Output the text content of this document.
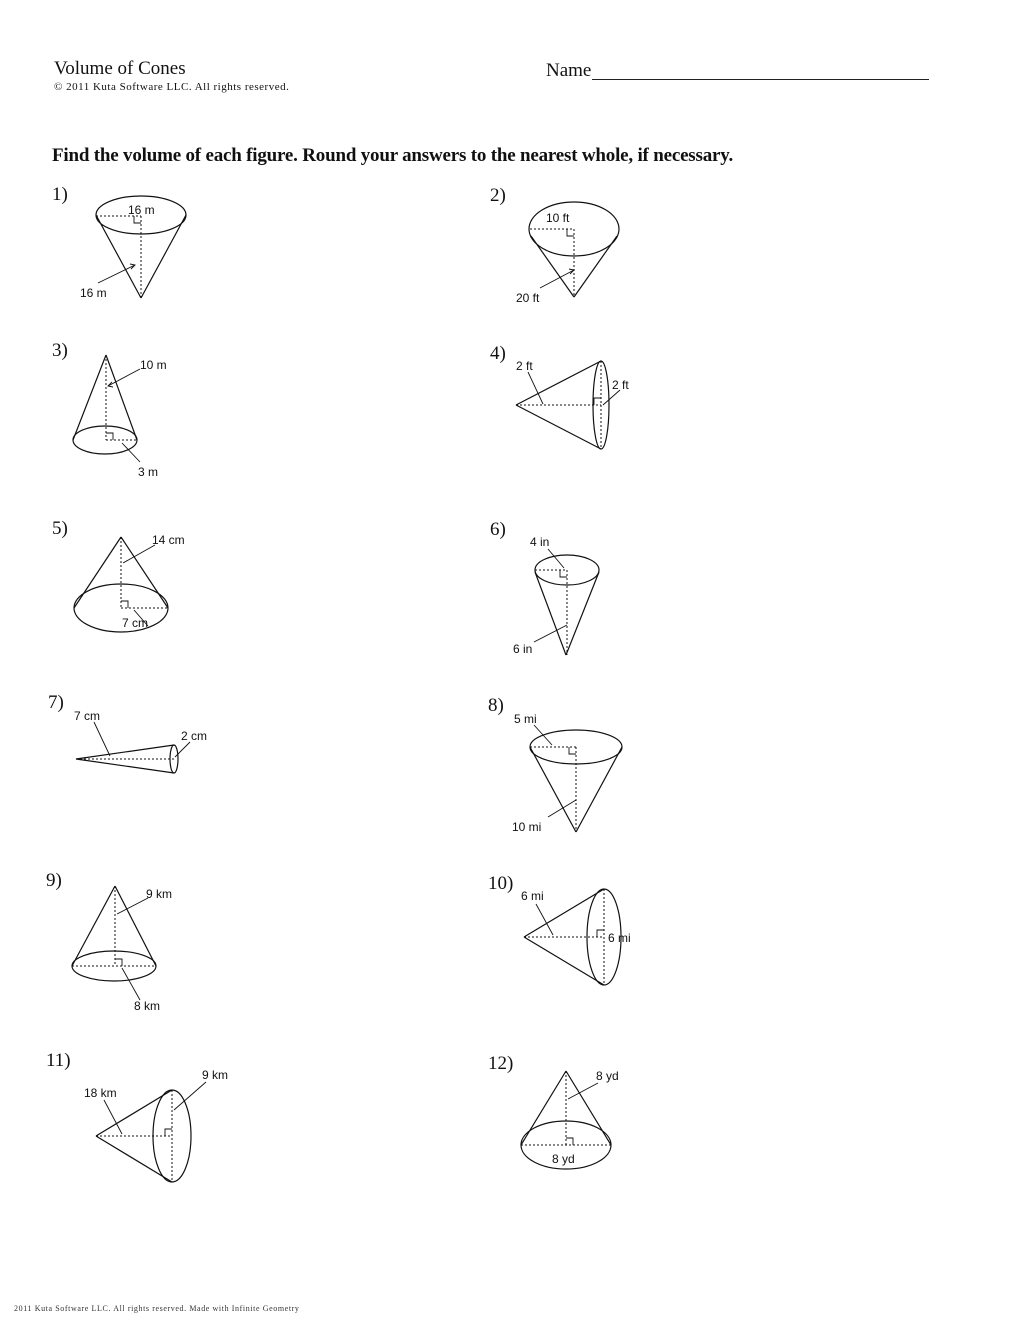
Volume of Cones
© 2011 Kuta Software LLC. All rights reserved.
Name
Find the volume of each figure. Round your answers to the nearest whole, if necessary.
1)	2)
3)	4)
5)	6)
7)	8)
9)	10)
11)	12)
16 m
16 m
10 ft
20 ft
10 m
3 m
2 ft
2 ft
14 cm
7 cm
4 in
6 in
7 cm
2 cm
5 mi
10 mi
9 km
8 km
6 mi
6 mi
18 km
9 km	8 yd
8 yd
2011 Kuta Software LLC. All rights reserved. Made with Infinite Geometry
